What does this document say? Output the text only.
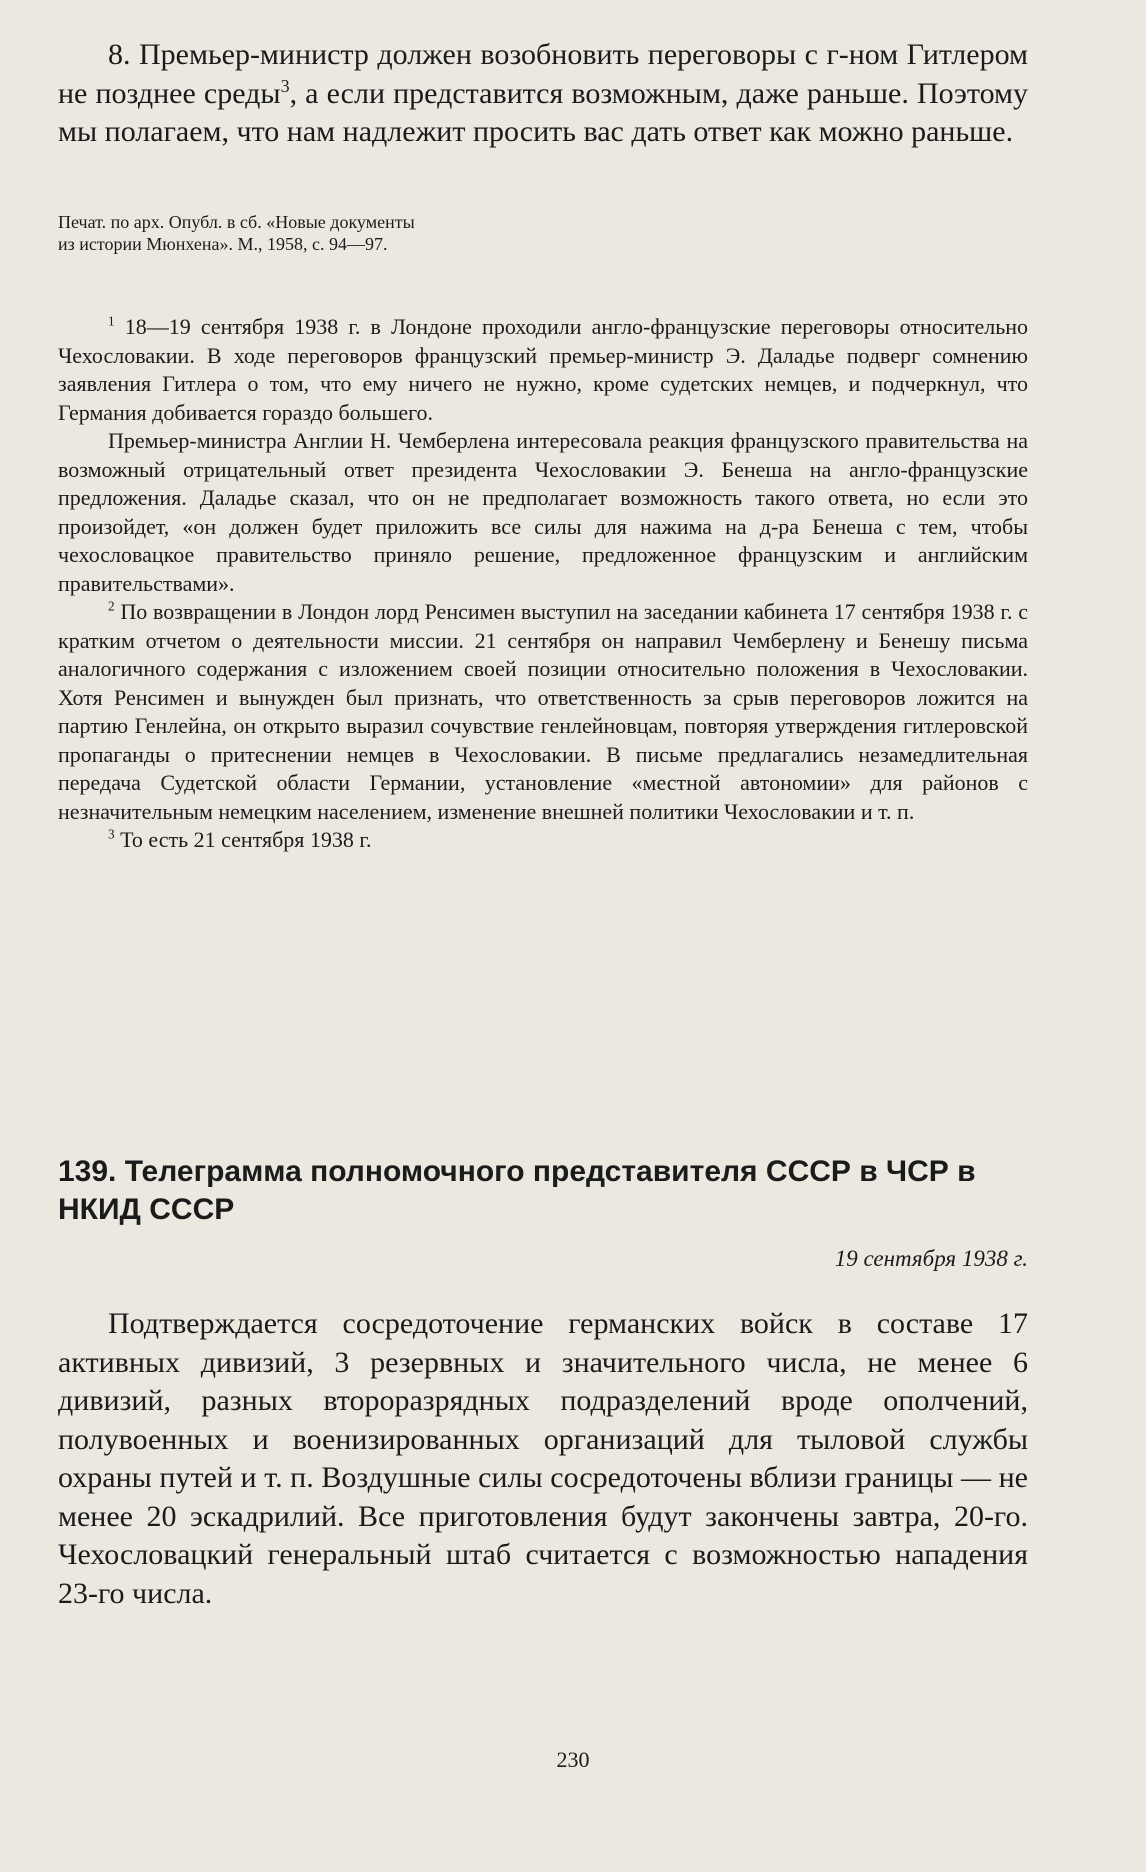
8. Премьер-министр должен возобновить переговоры с г-ном Гитлером не позднее среды$^3$, а если представится возможным, даже раньше. Поэтому мы полагаем, что нам надлежит просить вас дать ответ как можно раньше.

Печат. по арх. Опубл. в сб. «Новые документы из истории Мюнхена». М., 1958, с. 94—97.

$^1$ 18—19 сентября 1938 г. в Лондоне проходили англо-французские переговоры относительно Чехословакии. В ходе переговоров французский премьер-министр Э. Даладье подверг сомнению заявления Гитлера о том, что ему ничего не нужно, кроме судетских немцев, и подчеркнул, что Германия добивается гораздо большего.

Премьер-министра Англии Н. Чемберлена интересовала реакция французского правительства на возможный отрицательный ответ президента Чехословакии Э. Бенеша на англо-французские предложения. Даладье сказал, что он не предполагает возможность такого ответа, но если это произойдет, «он должен будет приложить все силы для нажима на д-ра Бенеша с тем, чтобы чехословацкое правительство приняло решение, предложенное французским и английским правительствами».

$^2$ По возвращении в Лондон лорд Ренсимен выступил на заседании кабинета 17 сентября 1938 г. с кратким отчетом о деятельности миссии. 21 сентября он направил Чемберлену и Бенешу письма аналогичного содержания с изложением своей позиции относительно положения в Чехословакии. Хотя Ренсимен и вынужден был признать, что ответственность за срыв переговоров ложится на партию Генлейна, он открыто выразил сочувствие генлейновцам, повторяя утверждения гитлеровской пропаганды о притеснении немцев в Чехословакии. В письме предлагались незамедлительная передача Судетской области Германии, установление «местной автономии» для районов с незначительным немецким населением, изменение внешней политики Чехословакии и т. п.

$^3$ То есть 21 сентября 1938 г.

139. Телеграмма полномочного представителя СССР в ЧСР в НКИД СССР
19 сентября 1938 г.

Подтверждается сосредоточение германских войск в составе 17 активных дивизий, 3 резервных и значительного числа, не менее 6 дивизий, разных второразрядных подразделений вроде ополчений, полувоенных и военизированных организаций для тыловой службы охраны путей и т. п. Воздушные силы сосредоточены вблизи границы — не менее 20 эскадрилий. Все приготовления будут закончены завтра, 20-го. Чехословацкий генеральный штаб считается с возможностью нападения 23-го числа.

230
